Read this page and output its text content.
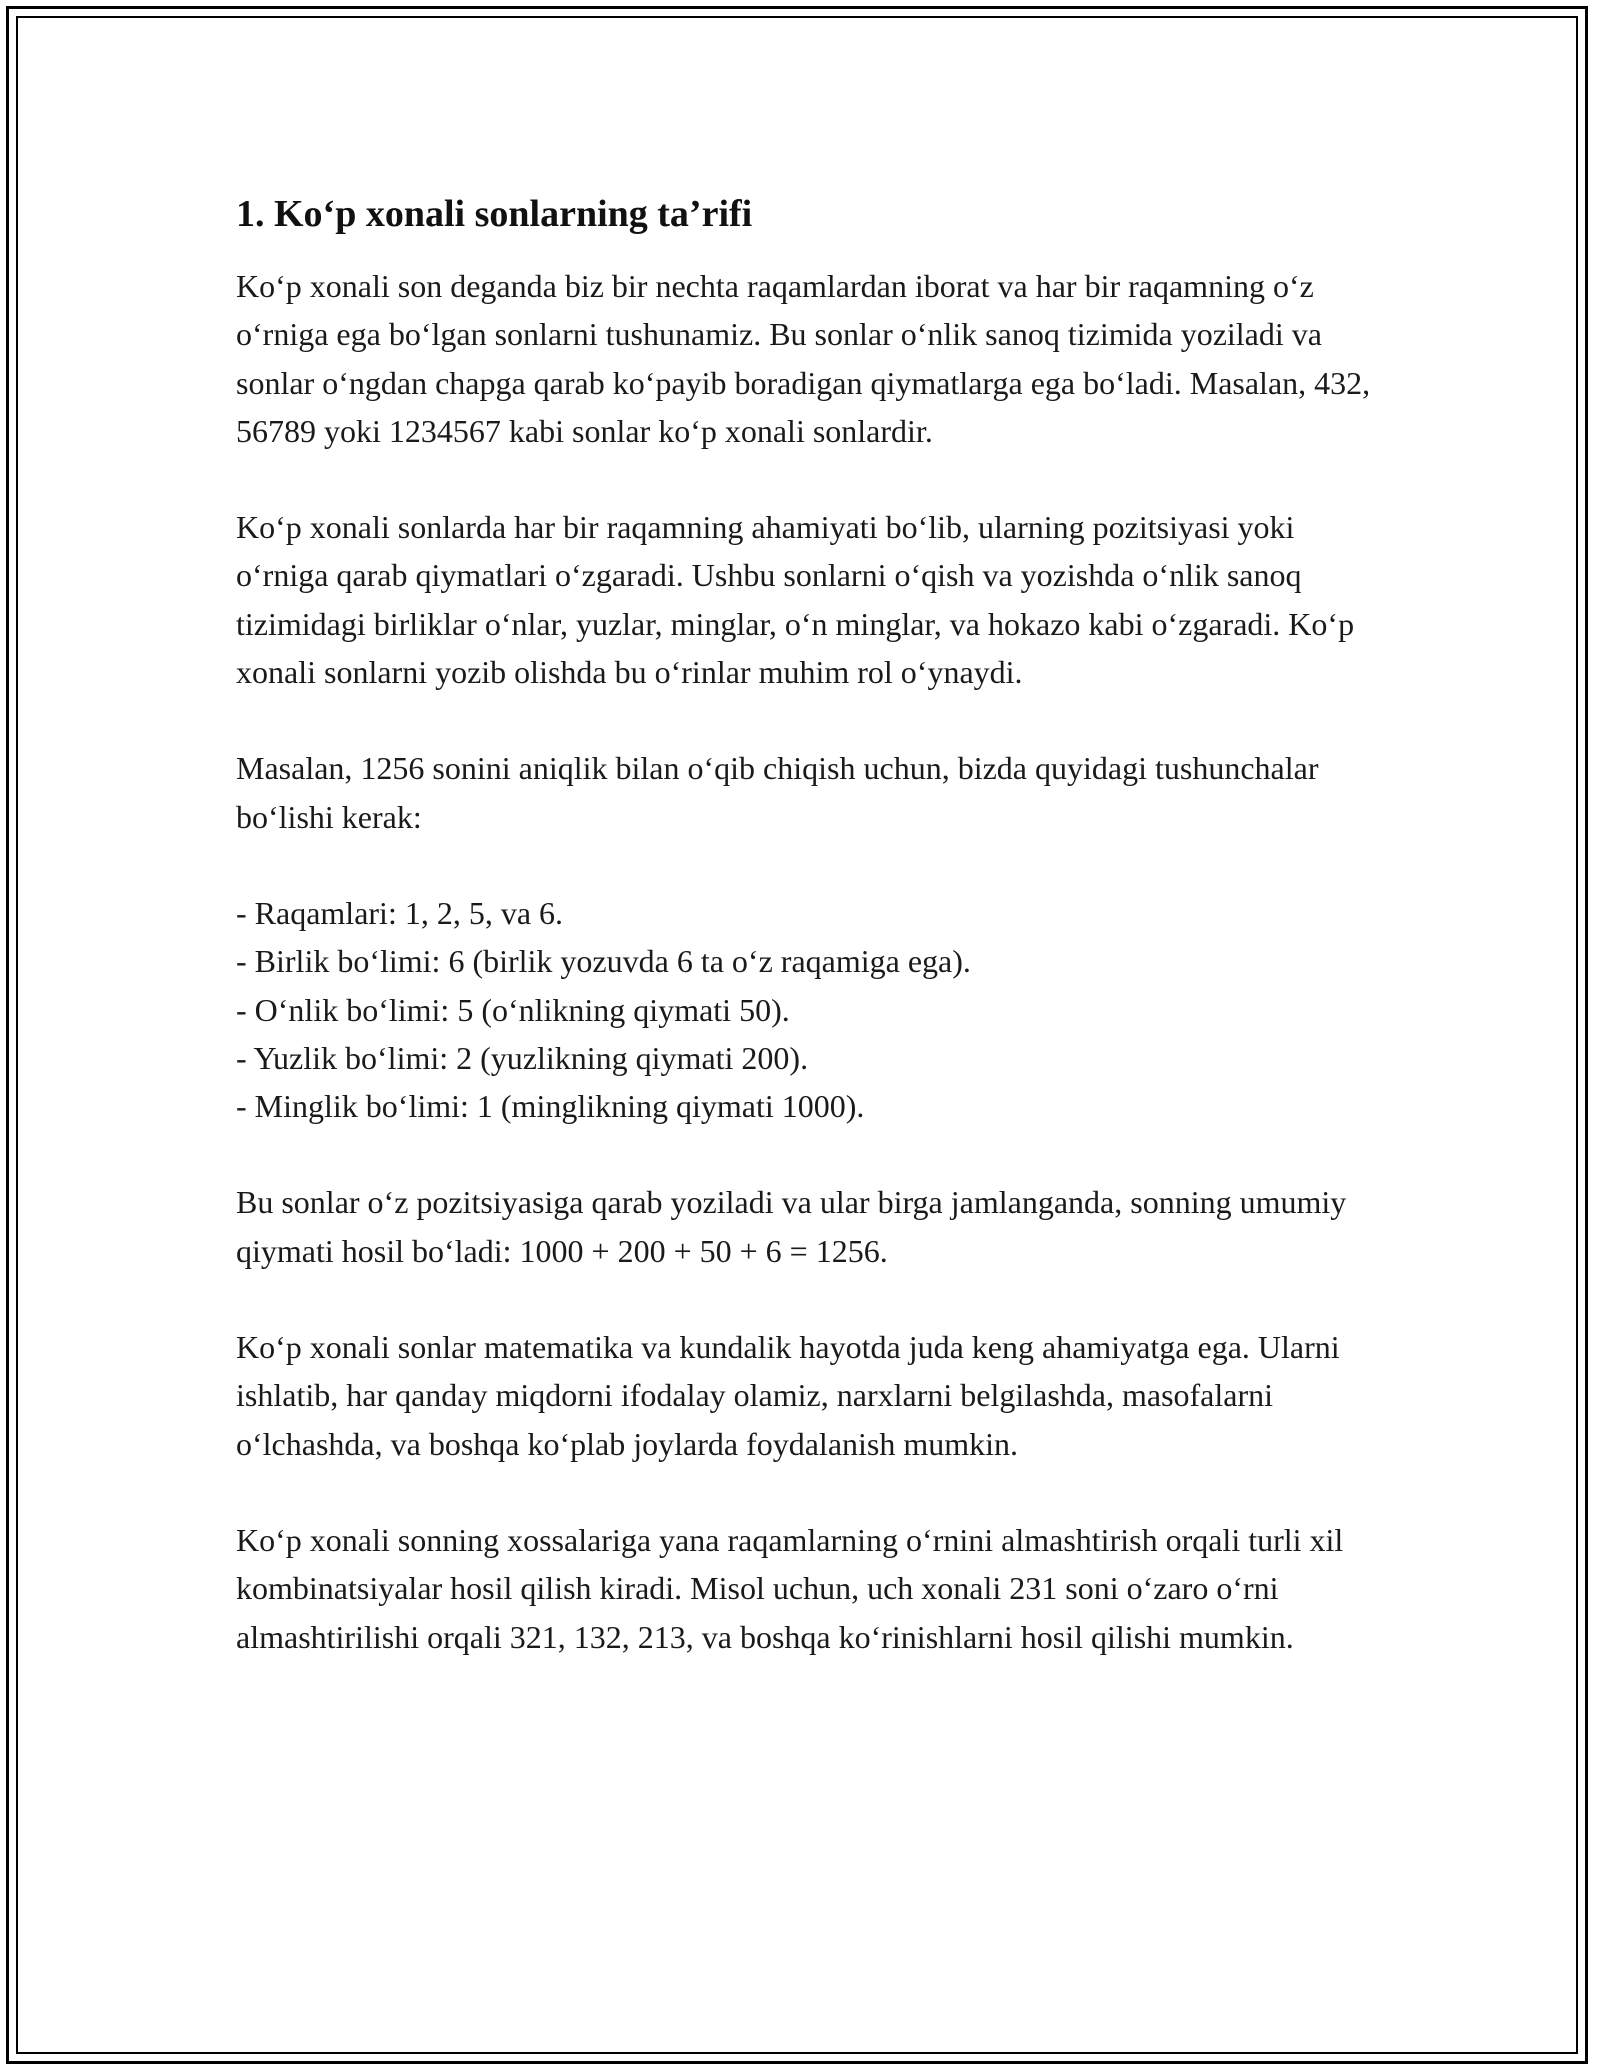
1. Ko‘p xonali sonlarning ta’rifi

Ko‘p xonali son deganda biz bir nechta raqamlardan iborat va har bir raqamning o‘z o‘rniga ega bo‘lgan sonlarni tushunamiz. Bu sonlar o‘nlik sanoq tizimida yoziladi va sonlar o‘ngdan chapga qarab ko‘payib boradigan qiymatlarga ega bo‘ladi. Masalan, 432, 56789 yoki 1234567 kabi sonlar ko‘p xonali sonlardir.

Ko‘p xonali sonlarda har bir raqamning ahamiyati bo‘lib, ularning pozitsiyasi yoki o‘rniga qarab qiymatlari o‘zgaradi. Ushbu sonlarni o‘qish va yozishda o‘nlik sanoq tizimidagi birliklar o‘nlar, yuzlar, minglar, o‘n minglar, va hokazo kabi o‘zgaradi. Ko‘p xonali sonlarni yozib olishda bu o‘rinlar muhim rol o‘ynaydi.

Masalan, 1256 sonini aniqlik bilan o‘qib chiqish uchun, bizda quyidagi tushunchalar bo‘lishi kerak:

- Raqamlari: 1, 2, 5, va 6.
- Birlik bo‘limi: 6 (birlik yozuvda 6 ta o‘z raqamiga ega).
- O‘nlik bo‘limi: 5 (o‘nlikning qiymati 50).
- Yuzlik bo‘limi: 2 (yuzlikning qiymati 200).
- Minglik bo‘limi: 1 (minglikning qiymati 1000).

Bu sonlar o‘z pozitsiyasiga qarab yoziladi va ular birga jamlanganda, sonning umumiy qiymati hosil bo‘ladi: 1000 + 200 + 50 + 6 = 1256.

Ko‘p xonali sonlar matematika va kundalik hayotda juda keng ahamiyatga ega. Ularni ishlatib, har qanday miqdorni ifodalay olamiz, narxlarni belgilashda, masofalarni o‘lchashda, va boshqa ko‘plab joylarda foydalanish mumkin.

Ko‘p xonali sonning xossalariga yana raqamlarning o‘rnini almashtirish orqali turli xil kombinatsiyalar hosil qilish kiradi. Misol uchun, uch xonali 231 soni o‘zaro o‘rni almashtirilishi orqali 321, 132, 213, va boshqa ko‘rinishlarni hosil qilishi mumkin.
